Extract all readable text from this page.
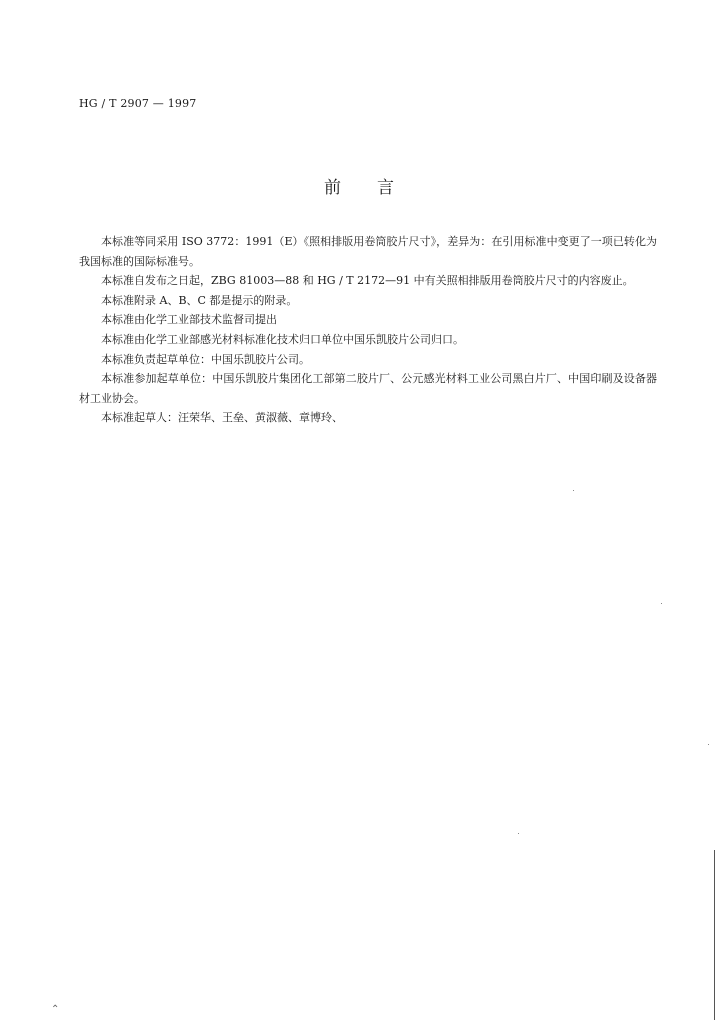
HG / T 2907 — 1997
前言

本标准等同采用 ISO 3772：1991（E）《照相排版用卷筒胶片尺寸》，差异为：在引用标准中变更了一项已转化为我国标准的国际标准号。

本标准自发布之日起，ZBG 81003—88 和 HG / T 2172—91 中有关照相排版用卷筒胶片尺寸的内容废止。

本标准附录 A、B、C 都是提示的附录。

本标准由化学工业部技术监督司提出

本标准由化学工业部感光材料标准化技术归口单位中国乐凯胶片公司归口。

本标准负责起草单位：中国乐凯胶片公司。

本标准参加起草单位：中国乐凯胶片集团化工部第二胶片厂、公元感光材料工业公司黑白片厂、中国印刷及设备器材工业协会。

本标准起草人：汪荣华、王垒、黄淑薇、章博玲、

⌃
